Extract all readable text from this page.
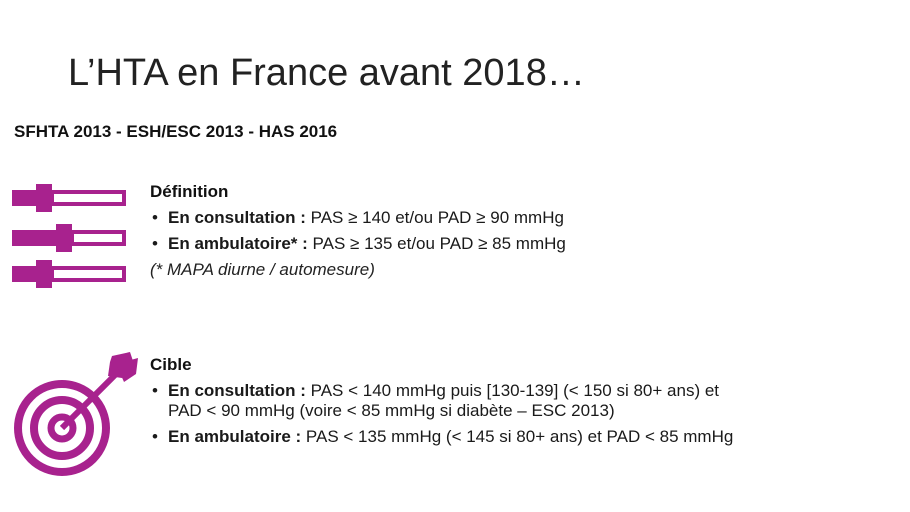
L’HTA en France avant 2018…
SFHTA 2013 - ESH/ESC 2013 - HAS 2016
Définition
• En consultation : PAS ≥ 140 et/ou PAD ≥ 90 mmHg
• En ambulatoire* : PAS ≥ 135 et/ou PAD ≥ 85 mmHg
(* MAPA diurne / automesure)
Cible
• En consultation : PAS < 140 mmHg puis [130-139] (< 150 si 80+ ans) et
PAD < 90 mmHg (voire < 85 mmHg si diabète – ESC 2013)
• En ambulatoire : PAS < 135 mmHg (< 145 si 80+ ans) et PAD < 85 mmHg
